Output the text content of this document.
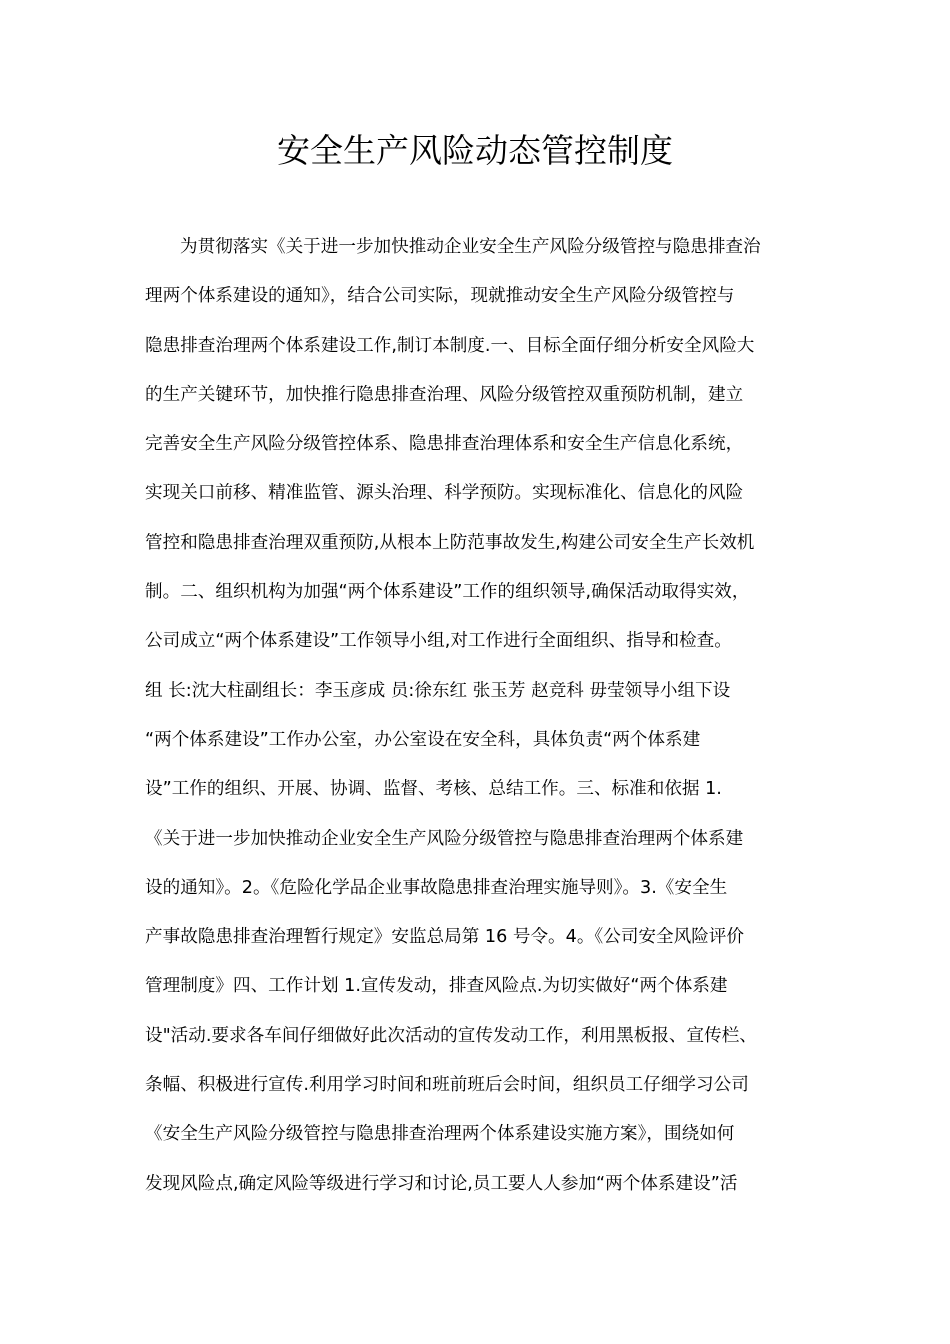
安全生产风险动态管控制度
为贯彻落实《关于进一步加快推动企业安全生产风险分级管控与隐患排查治
理两个体系建设的通知》，结合公司实际，现就推动安全生产风险分级管控与
隐患排查治理两个体系建设工作,制订本制度.一、目标全面仔细分析安全风险大
的生产关键环节，加快推行隐患排查治理、风险分级管控双重预防机制，建立
完善安全生产风险分级管控体系、隐患排查治理体系和安全生产信息化系统，
实现关口前移、精准监管、源头治理、科学预防。实现标准化、信息化的风险
管控和隐患排查治理双重预防,从根本上防范事故发生,构建公司安全生产长效机
制。二、组织机构为加强“两个体系建设”工作的组织领导,确保活动取得实效，
公司成立“两个体系建设”工作领导小组,对工作进行全面组织、指导和检查。
组 长:沈大柱副组长：李玉彦成 员:徐东红 张玉芳 赵竞科 毋莹领导小组下设
“两个体系建设”工作办公室，办公室设在安全科，具体负责“两个体系建
设”工作的组织、开展、协调、监督、考核、总结工作。三、标准和依据 1.
《关于进一步加快推动企业安全生产风险分级管控与隐患排查治理两个体系建
设的通知》。2。《危险化学品企业事故隐患排查治理实施导则》。3.《安全生
产事故隐患排查治理暂行规定》安监总局第 16 号令。4。《公司安全风险评价
管理制度》四、工作计划 1.宣传发动，排查风险点.为切实做好“两个体系建
设"活动.要求各车间仔细做好此次活动的宣传发动工作，利用黑板报、宣传栏、
条幅、积极进行宣传.利用学习时间和班前班后会时间，组织员工仔细学习公司
《安全生产风险分级管控与隐患排查治理两个体系建设实施方案》，围绕如何
发现风险点,确定风险等级进行学习和讨论,员工要人人参加“两个体系建设”活
